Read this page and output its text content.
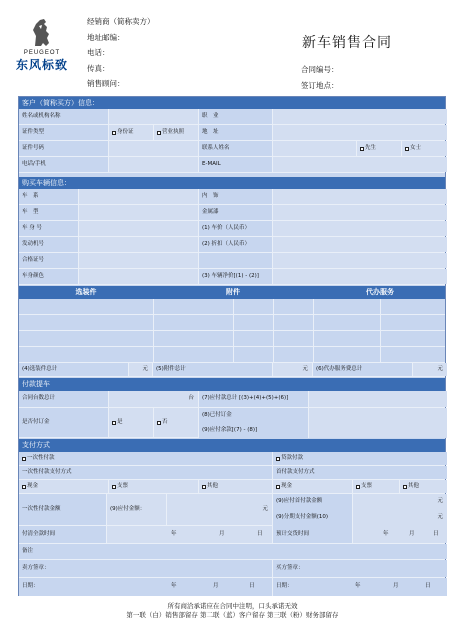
PEUGEOT
东风标致
经销商（简称卖方）
地址邮编：
电话：
传真：
销售顾问：
新车销售合同
合同编号：
签订地点：
客户（简称买方）信息：
姓名或机构名称	职　业
证件类型	身份证	营业执照	地　址
证件号码	联系人姓名	先生	女士
电话/手机	E-MAIL
购买车辆信息：
车　系	内　饰
车　型	金属漆
车 身 号	(1) 车价（人民币）
发动机号	(2) 折扣（人民币）
合格证号
车身颜色	(3) 车辆净价[(1) - (2)]
选装件	附件	代办服务
(4)选装件总计	元	(5)附件总计	元	(6)代办服务费总计	元
付款提车
合同台数总计	台	(7)应付款总计 [(3)+(4)+(5)+(6)]
是否付订金	是	否
(8)已付订金
(9)应付余款[(7) - (8)]
支付方式
一次性付款	贷款付款
一次性付款支付方式	首付款支付方式
现金	支票	其他	现金	支票	其他
一次性付款金额	(9)应付金额：	元
(9)应付首付款金额
(9)分期支付金额(10)
元
元
付清全款时间	年	月	日	预计交货时间	年	月	日
备注
卖方签章：	买方签章：
日期：	年	月	日	日期：	年	月	日
所有商洽承诺应在合同中注明，口头承诺无效
第一联（白）销售部留存 第二联（蓝）客户留存 第三联（粉）财务部留存
